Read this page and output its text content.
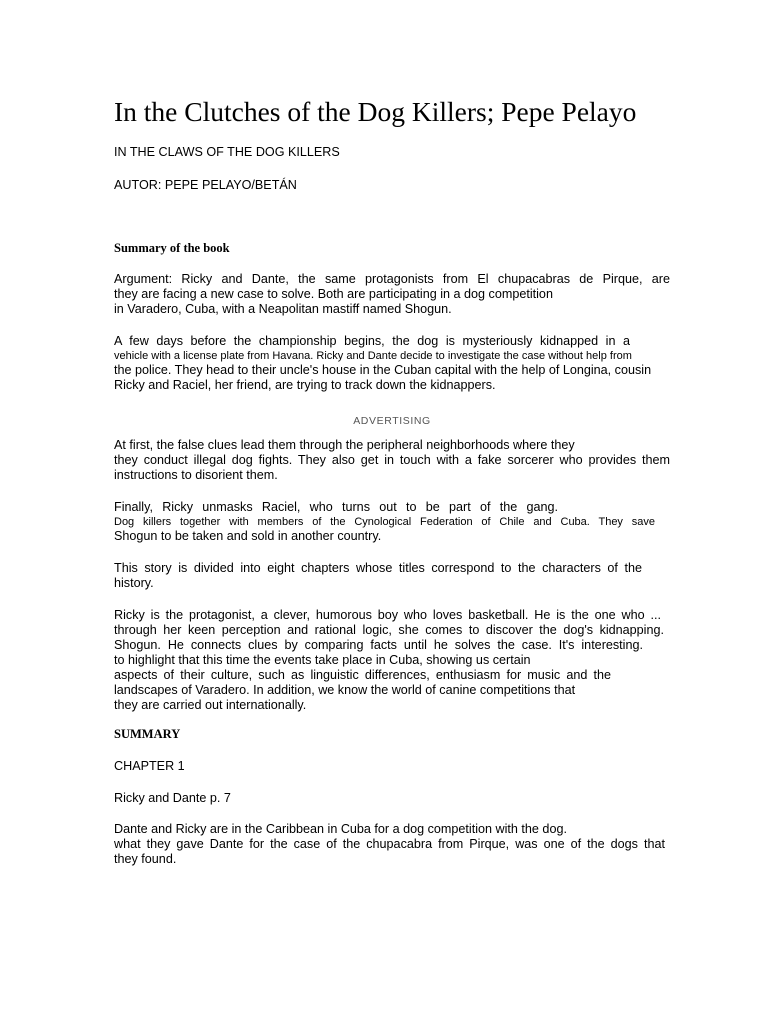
In the Clutches of the Dog Killers; Pepe Pelayo

IN THE CLAWS OF THE DOG KILLERS

AUTOR: PEPE PELAYO/BETÁN

Summary of the book

Argument: Ricky and Dante, the same protagonists from El chupacabras de Pirque, are
they are facing a new case to solve. Both are participating in a dog competition
in Varadero, Cuba, with a Neapolitan mastiff named Shogun.
A few days before the championship begins, the dog is mysteriously kidnapped in a
vehicle with a license plate from Havana. Ricky and Dante decide to investigate the case without help from
the police. They head to their uncle's house in the Cuban capital with the help of Longina, cousin
Ricky and Raciel, her friend, are trying to track down the kidnappers.

ADVERTISING

At first, the false clues lead them through the peripheral neighborhoods where they
they conduct illegal dog fights. They also get in touch with a fake sorcerer who provides them
instructions to disorient them.
Finally, Ricky unmasks Raciel, who turns out to be part of the gang.
Dog killers together with members of the Cynological Federation of Chile and Cuba. They save
Shogun to be taken and sold in another country.
This story is divided into eight chapters whose titles correspond to the characters of the
history.
Ricky is the protagonist, a clever, humorous boy who loves basketball. He is the one who ...
through her keen perception and rational logic, she comes to discover the dog's kidnapping.
Shogun. He connects clues by comparing facts until he solves the case. It's interesting.
to highlight that this time the events take place in Cuba, showing us certain
aspects of their culture, such as linguistic differences, enthusiasm for music and the
landscapes of Varadero. In addition, we know the world of canine competitions that
they are carried out internationally.

SUMMARY

CHAPTER 1

Ricky and Dante p. 7

Dante and Ricky are in the Caribbean in Cuba for a dog competition with the dog.
what they gave Dante for the case of the chupacabra from Pirque, was one of the dogs that
they found.
